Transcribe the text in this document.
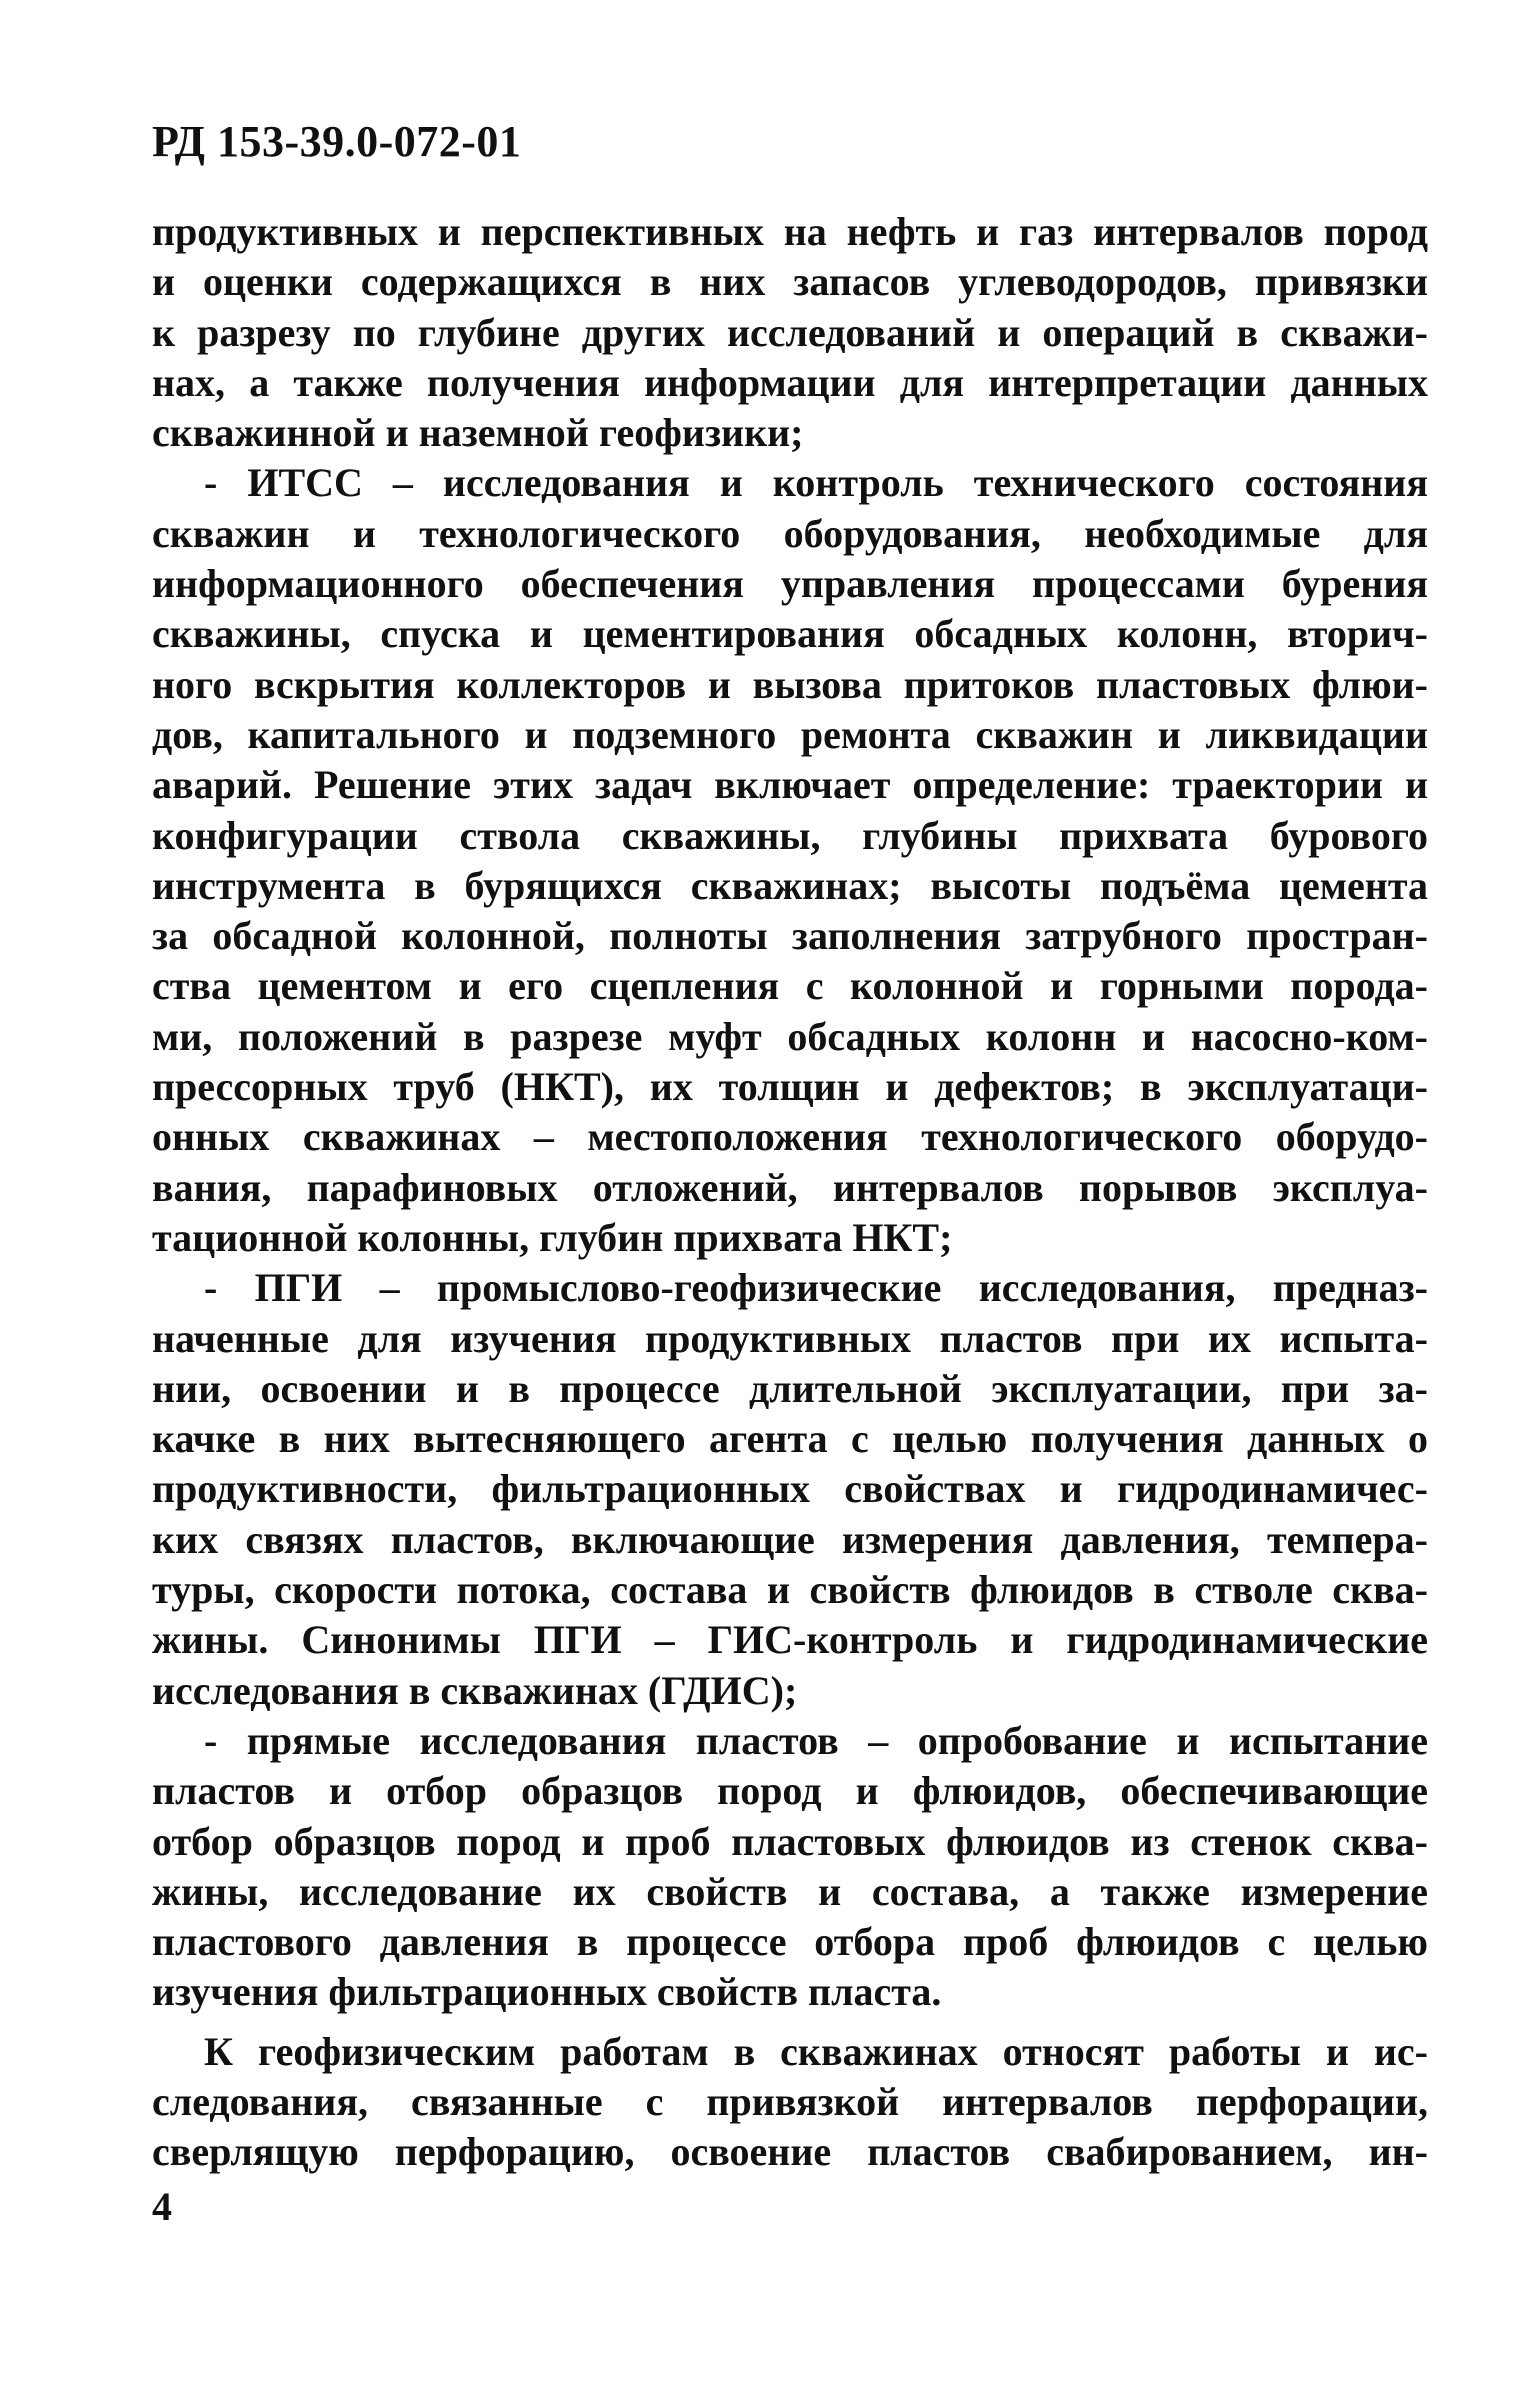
РД 153-39.0-072-01
продуктивных и перспективных на нефть и газ интервалов пород
и оценки содержащихся в них запасов углеводородов, привязки
к разрезу по глубине других исследований и операций в скважи-
нах, а также получения информации для интерпретации данных
скважинной и наземной геофизики;
- ИТСС – исследования и контроль технического состояния
скважин и технологического оборудования, необходимые для
информационного обеспечения управления процессами бурения
скважины, спуска и цементирования обсадных колонн, вторич-
ного вскрытия коллекторов и вызова притоков пластовых флюи-
дов, капитального и подземного ремонта скважин и ликвидации
аварий. Решение этих задач включает определение: траектории и
конфигурации ствола скважины, глубины прихвата бурового
инструмента в бурящихся скважинах; высоты подъёма цемента
за обсадной колонной, полноты заполнения затрубного простран-
ства цементом и его сцепления с колонной и горными порода-
ми, положений в разрезе муфт обсадных колонн и насосно-ком-
прессорных труб (НКТ), их толщин и дефектов; в эксплуатаци-
онных скважинах – местоположения технологического оборудо-
вания, парафиновых отложений, интервалов порывов эксплуа-
тационной колонны, глубин прихвата НКТ;
- ПГИ – промыслово-геофизические исследования, предназ-
наченные для изучения продуктивных пластов при их испыта-
нии, освоении и в процессе длительной эксплуатации, при за-
качке в них вытесняющего агента с целью получения данных о
продуктивности, фильтрационных свойствах и гидродинамичес-
ких связях пластов, включающие измерения давления, темпера-
туры, скорости потока, состава и свойств флюидов в стволе сква-
жины. Синонимы ПГИ – ГИС-контроль и гидродинамические
исследования в скважинах (ГДИС);
- прямые исследования пластов – опробование и испытание
пластов и отбор образцов пород и флюидов, обеспечивающие
отбор образцов пород и проб пластовых флюидов из стенок сква-
жины, исследование их свойств и состава, а также измерение
пластового давления в процессе отбора проб флюидов с целью
изучения фильтрационных свойств пласта.
К геофизическим работам в скважинах относят работы и ис-
следования, связанные с привязкой интервалов перфорации,
сверлящую перфорацию, освоение пластов свабированием, ин-
4
